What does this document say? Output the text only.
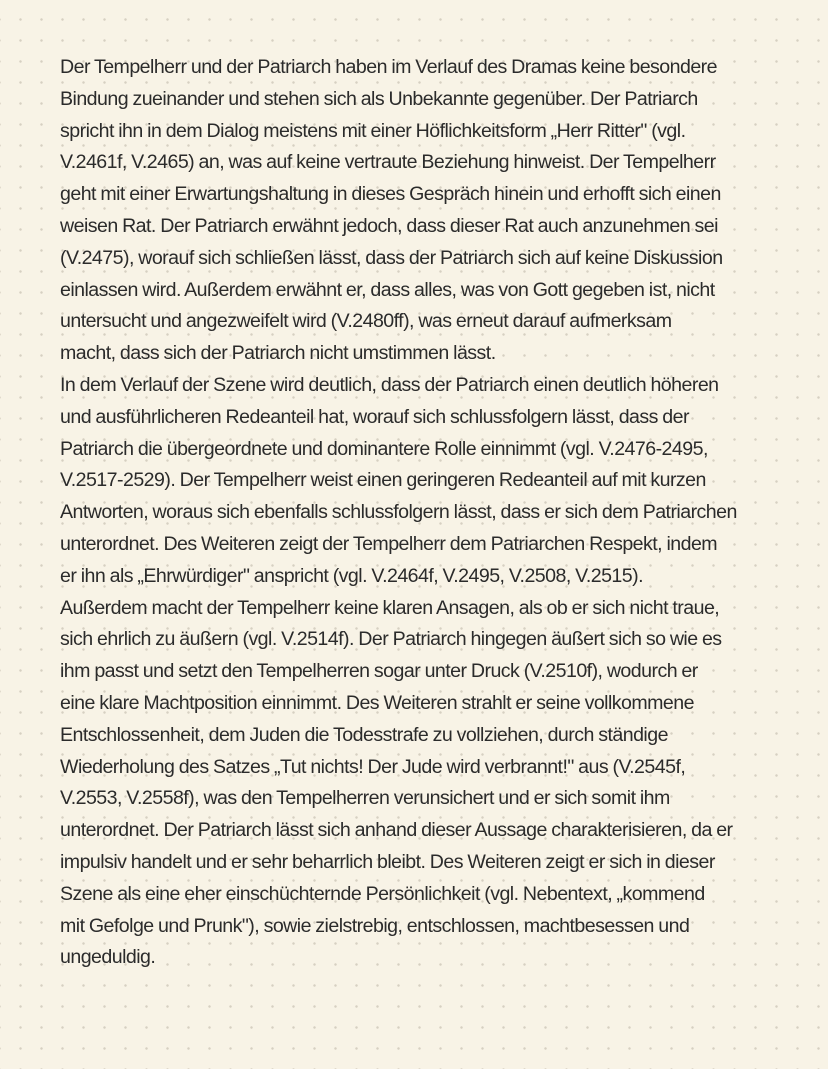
Der Tempelherr und der Patriarch haben im Verlauf des Dramas keine besondere
Bindung zueinander und stehen sich als Unbekannte gegenüber. Der Patriarch
spricht ihn in dem Dialog meistens mit einer Höflichkeitsform „Herr Ritter" (vgl.
V.2461f, V.2465) an, was auf keine vertraute Beziehung hinweist. Der Tempelherr
geht mit einer Erwartungshaltung in dieses Gespräch hinein und erhofft sich einen
weisen Rat. Der Patriarch erwähnt jedoch, dass dieser Rat auch anzunehmen sei
(V.2475), worauf sich schließen lässt, dass der Patriarch sich auf keine Diskussion
einlassen wird. Außerdem erwähnt er, dass alles, was von Gott gegeben ist, nicht
untersucht und angezweifelt wird (V.2480ff), was erneut darauf aufmerksam
macht, dass sich der Patriarch nicht umstimmen lässt.
In dem Verlauf der Szene wird deutlich, dass der Patriarch einen deutlich höheren
und ausführlicheren Redeanteil hat, worauf sich schlussfolgern lässt, dass der
Patriarch die übergeordnete und dominantere Rolle einnimmt (vgl. V.2476-2495,
V.2517-2529). Der Tempelherr weist einen geringeren Redeanteil auf mit kurzen
Antworten, woraus sich ebenfalls schlussfolgern lässt, dass er sich dem Patriarchen
unterordnet. Des Weiteren zeigt der Tempelherr dem Patriarchen Respekt, indem
er ihn als „Ehrwürdiger" anspricht (vgl. V.2464f, V.2495, V.2508, V.2515).
Außerdem macht der Tempelherr keine klaren Ansagen, als ob er sich nicht traue,
sich ehrlich zu äußern (vgl. V.2514f). Der Patriarch hingegen äußert sich so wie es
ihm passt und setzt den Tempelherren sogar unter Druck (V.2510f), wodurch er
eine klare Machtposition einnimmt. Des Weiteren strahlt er seine vollkommene
Entschlossenheit, dem Juden die Todesstrafe zu vollziehen, durch ständige
Wiederholung des Satzes „Tut nichts! Der Jude wird verbrannt!" aus (V.2545f,
V.2553, V.2558f), was den Tempelherren verunsichert und er sich somit ihm
unterordnet. Der Patriarch lässt sich anhand dieser Aussage charakterisieren, da er
impulsiv handelt und er sehr beharrlich bleibt. Des Weiteren zeigt er sich in dieser
Szene als eine eher einschüchternde Persönlichkeit (vgl. Nebentext, „kommend
mit Gefolge und Prunk"), sowie zielstrebig, entschlossen, machtbesessen und
ungeduldig.
